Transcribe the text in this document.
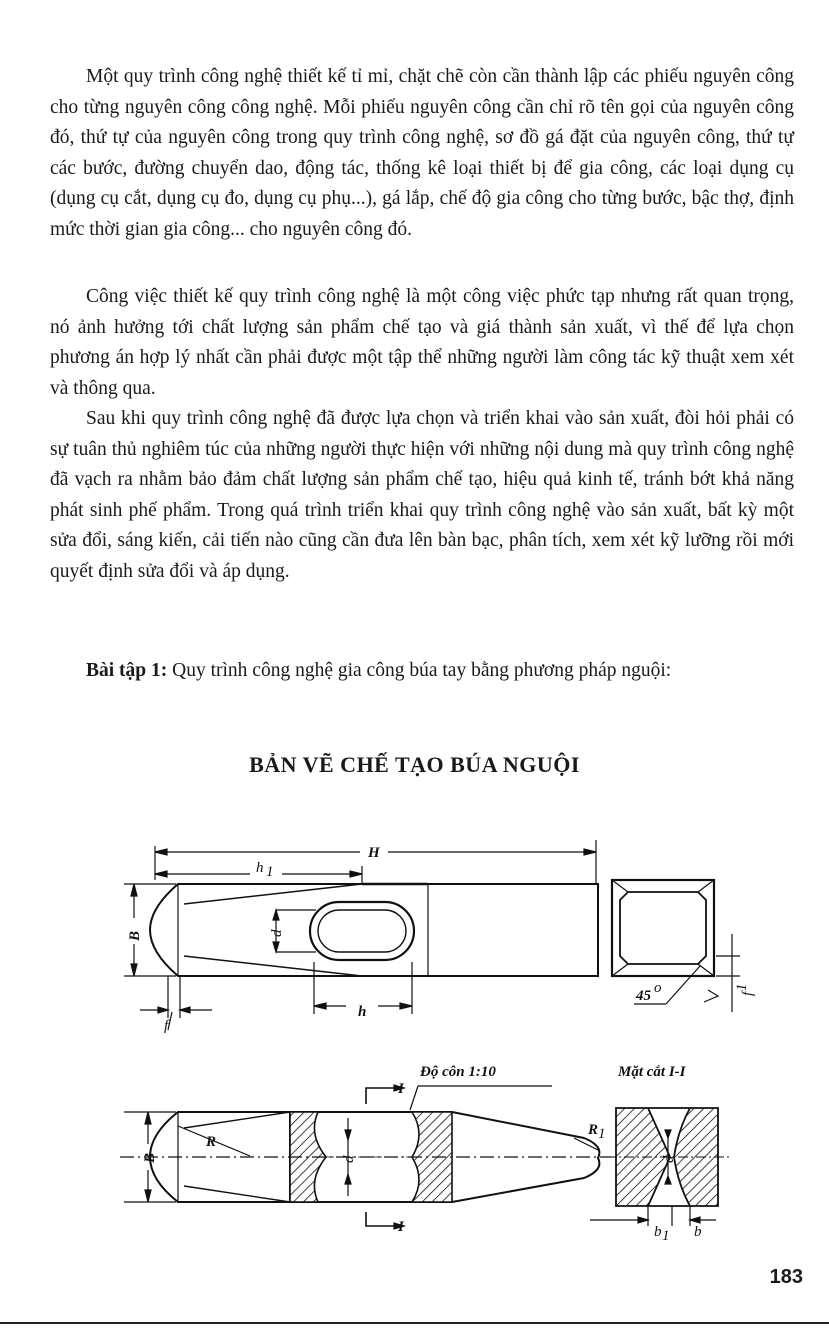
Một quy trình công nghệ thiết kế tỉ mỉ, chặt chẽ còn cần thành lập các phiếu nguyên công cho từng nguyên công công nghệ. Mỗi phiếu nguyên công cần chỉ rõ tên gọi của nguyên công đó, thứ tự của nguyên công trong quy trình công nghệ, sơ đồ gá đặt của nguyên công, thứ tự các bước, đường chuyển dao, động tác, thống kê loại thiết bị để gia công, các loại dụng cụ (dụng cụ cắt, dụng cụ đo, dụng cụ phụ...), gá lắp, chế độ gia công cho từng bước, bậc thợ, định mức thời gian gia công... cho nguyên công đó.

Công việc thiết kế quy trình công nghệ là một công việc phức tạp nhưng rất quan trọng, nó ảnh hưởng tới chất lượng sản phẩm chế tạo và giá thành sản xuất, vì thế để lựa chọn phương án hợp lý nhất cần phải được một tập thể những người làm công tác kỹ thuật xem xét và thông qua.

Sau khi quy trình công nghệ đã được lựa chọn và triển khai vào sản xuất, đòi hỏi phải có sự tuân thủ nghiêm túc của những người thực hiện với những nội dung mà quy trình công nghệ đã vạch ra nhằm bảo đảm chất lượng sản phẩm chế tạo, hiệu quả kinh tế, tránh bớt khả năng phát sinh phế phẩm. Trong quá trình triển khai quy trình công nghệ vào sản xuất, bất kỳ một sửa đổi, sáng kiến, cải tiến nào cũng cần đưa lên bàn bạc, phân tích, xem xét kỹ lưỡng rồi mới quyết định sửa đổi và áp dụng.

Bài tập 1: Quy trình công nghệ gia công búa tay bằng phương pháp nguội:

BẢN VẼ CHẾ TẠO BÚA NGUỘI
H
h 1
B	d
h
f
45 o	f
1
R
R 1
B	d	d
I
I
Độ côn 1:10	Mặt cắt I-I
b 1 b
183
